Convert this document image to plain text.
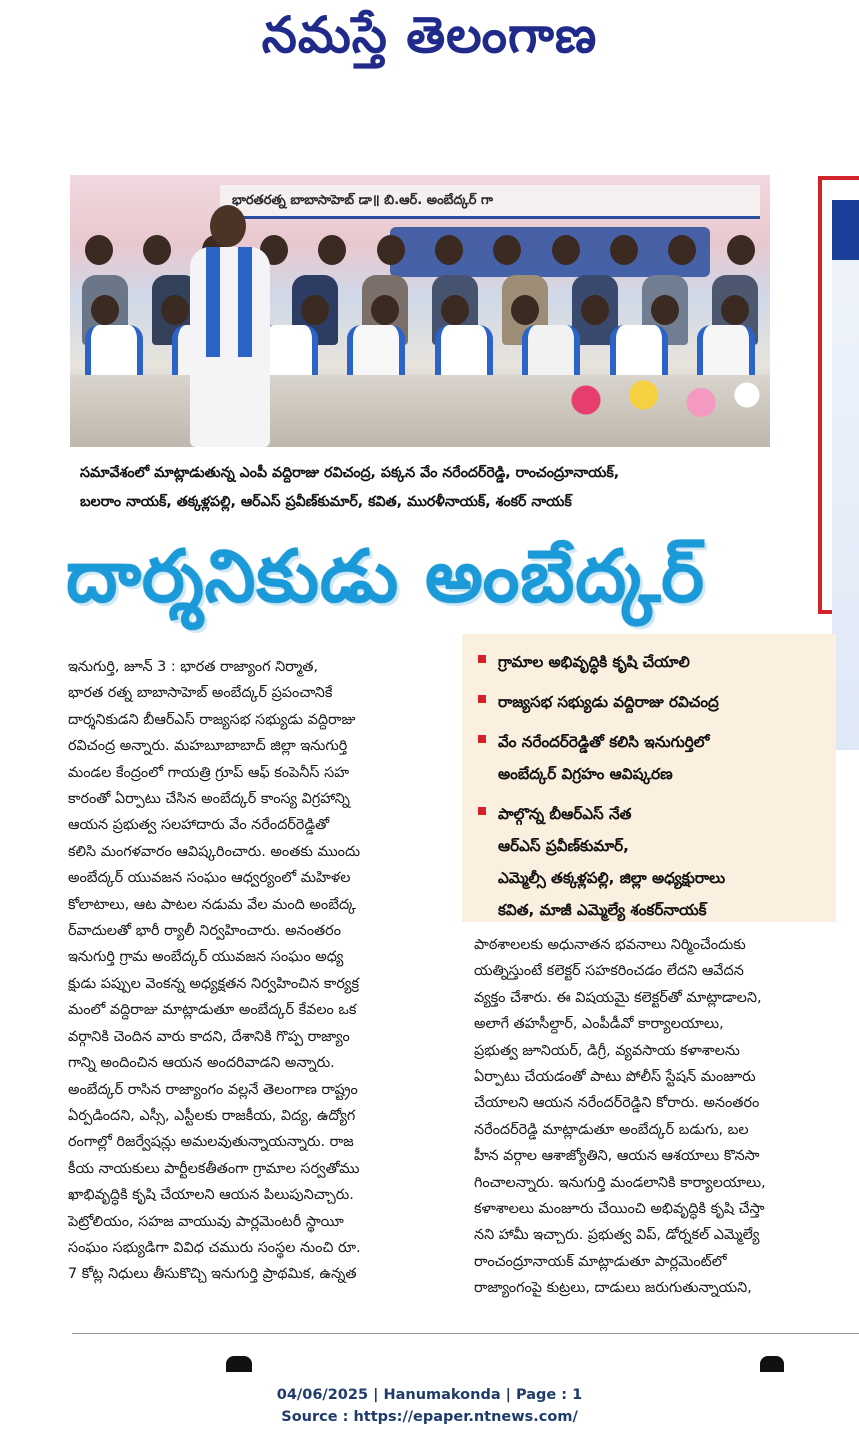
నమస్తే తెలంగాణ
భారతరత్న బాబాసాహెబ్ డా॥ బి.ఆర్. అంబేద్కర్ గా
సమావేశంలో మాట్లాడుతున్న ఎంపీ వద్దిరాజు రవిచంద్ర, పక్కన వేం నరేందర్‌రెడ్డి, రాంచంద్రూనాయక్,
బలరాం నాయక్, తక్కళ్లపల్లి, ఆర్ఎస్ ప్రవీణ్‌కుమార్, కవిత, మురళీనాయక్, శంకర్ నాయక్
దార్శనికుడు అంబేద్కర్
ఇనుగుర్తి, జూన్ 3 : భారత రాజ్యాంగ నిర్మాత,
భారత రత్న బాబాసాహెబ్ అంబేద్కర్ ప్రపంచానికే
దార్శనికుడని బీఆర్ఎస్ రాజ్యసభ సభ్యుడు వద్దిరాజు
రవిచంద్ర అన్నారు. మహబూబాబాద్ జిల్లా ఇనుగుర్తి
మండల కేంద్రంలో గాయత్రి గ్రూప్ ఆఫ్ కంపెనీస్ సహ
కారంతో ఏర్పాటు చేసిన అంబేద్కర్ కాంస్య విగ్రహాన్ని
ఆయన ప్రభుత్వ సలహాదారు వేం నరేందర్‌రెడ్డితో
కలిసి మంగళవారం ఆవిష్కరించారు. అంతకు ముందు
అంబేద్కర్ యువజన సంఘం ఆధ్వర్యంలో మహిళల
కోలాటాలు, ఆట పాటల నడుమ వేల మంది అంబేద్క
ర్‌వాదులతో భారీ ర్యాలీ నిర్వహించారు. అనంతరం
ఇనుగుర్తి గ్రామ అంబేద్కర్ యువజన సంఘం అధ్య
క్షుడు పప్పుల వెంకన్న అధ్యక్షతన నిర్వహించిన కార్యక్ర
మంలో వద్దిరాజు మాట్లాడుతూ అంబేద్కర్ కేవలం ఒక
వర్గానికి చెందిన వారు కాదని, దేశానికి గొప్ప రాజ్యాం
గాన్ని అందించిన ఆయన అందరివాడని అన్నారు.
అంబేద్కర్ రాసిన రాజ్యాంగం వల్లనే తెలంగాణ రాష్ట్రం
ఏర్పడిందని, ఎస్సీ, ఎస్టీలకు రాజకీయ, విద్య, ఉద్యోగ
రంగాల్లో రిజర్వేషన్లు అమలవుతున్నాయన్నారు. రాజ
కీయ నాయకులు పార్టీలకతీతంగా గ్రామాల సర్వతోము
ఖాభివృద్ధికి కృషి చేయాలని ఆయన పిలుపునిచ్చారు.
పెట్రోలియం, సహజ వాయువు పార్లమెంటరీ స్థాయీ
సంఘం సభ్యుడిగా వివిధ చమురు సంస్థల నుంచి రూ.
7 కోట్ల నిధులు తీసుకొచ్చి ఇనుగుర్తి ప్రాథమిక, ఉన్నత
గ్రామాల అభివృద్ధికి కృషి చేయాలి
రాజ్యసభ సభ్యుడు వద్దిరాజు రవిచంద్ర
వేం నరేందర్‌రెడ్డితో కలిసి ఇనుగుర్తిలో
అంబేద్కర్ విగ్రహం ఆవిష్కరణ
పాల్గొన్న బీఆర్ఎస్ నేత
ఆర్ఎస్ ప్రవీణ్‌కుమార్,
ఎమ్మెల్సీ తక్కళ్లపల్లి, జిల్లా అధ్యక్షురాలు
కవిత, మాజీ ఎమ్మెల్యే శంకర్‌నాయక్
పాఠశాలలకు అధునాతన భవనాలు నిర్మించేందుకు
యత్నిస్తుంటే కలెక్టర్ సహకరించడం లేదని ఆవేదన
వ్యక్తం చేశారు. ఈ విషయమై కలెక్టర్‌తో మాట్లాడాలని,
అలాగే తహసీల్దార్, ఎంపీడీవో కార్యాలయాలు,
ప్రభుత్వ జూనియర్, డిగ్రీ, వ్యవసాయ కళాశాలను
ఏర్పాటు చేయడంతో పాటు పోలీస్ స్టేషన్ మంజూరు
చేయాలని ఆయన నరేందర్‌రెడ్డిని కోరారు. అనంతరం
నరేందర్‌రెడ్డి మాట్లాడుతూ అంబేద్కర్ బడుగు, బల
హీన వర్గాల ఆశాజ్యోతిని, ఆయన ఆశయాలు కొనసా
గించాలన్నారు. ఇనుగుర్తి మండలానికి కార్యాలయాలు,
కళాశాలలు మంజూరు చేయించి అభివృద్ధికి కృషి చేస్తా
నని హామీ ఇచ్చారు. ప్రభుత్వ విప్, డోర్నకల్ ఎమ్మెల్యే
రాంచంద్రూనాయక్ మాట్లాడుతూ పార్లమెంట్‌లో
రాజ్యాంగంపై కుట్రలు, దాడులు జరుగుతున్నాయని,
04/06/2025 | Hanumakonda | Page : 1
Source : https://epaper.ntnews.com/
